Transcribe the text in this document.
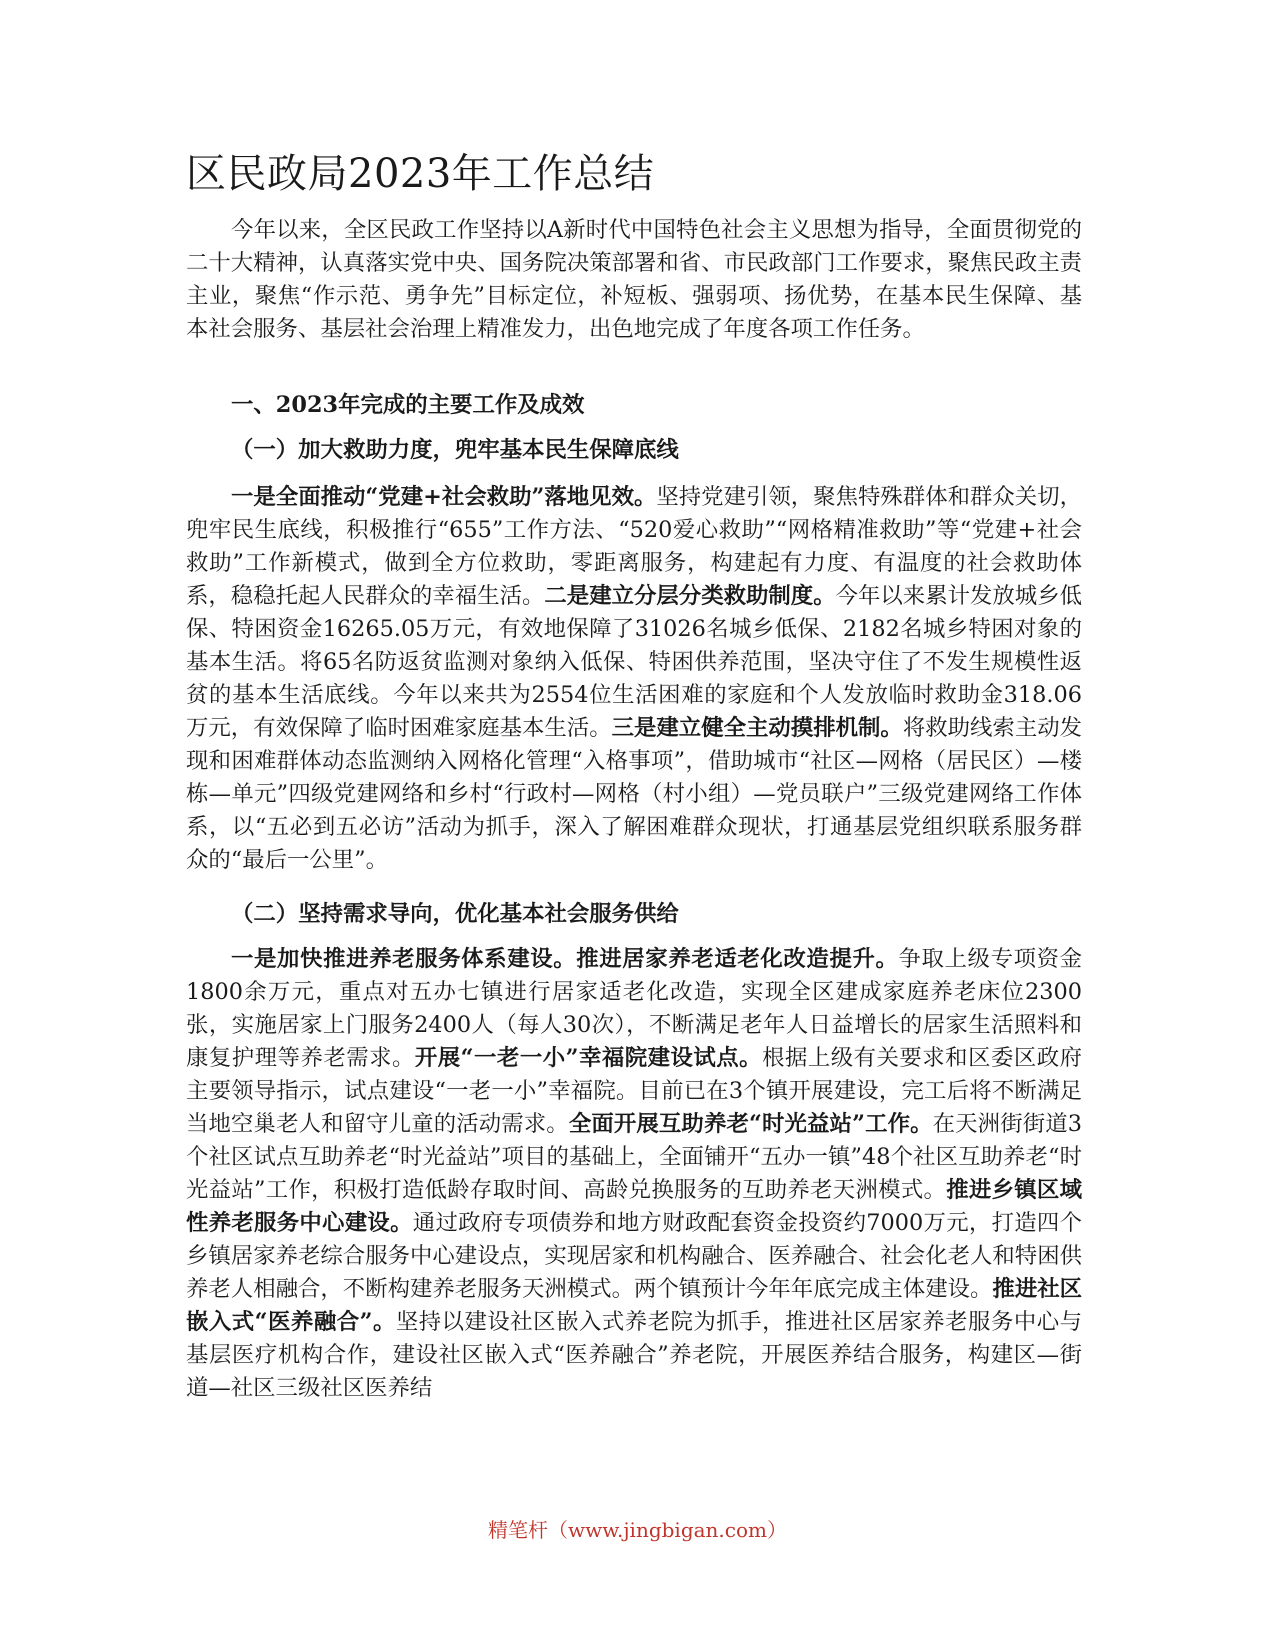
区民政局2023年工作总结

今年以来，全区民政工作坚持以A新时代中国特色社会主义思想为指导，全面贯彻党的二十大精神，认真落实党中央、国务院决策部署和省、市民政部门工作要求，聚焦民政主责主业，聚焦“作示范、勇争先”目标定位，补短板、强弱项、扬优势，在基本民生保障、基本社会服务、基层社会治理上精准发力，出色地完成了年度各项工作任务。

一、2023年完成的主要工作及成效

（一）加大救助力度，兜牢基本民生保障底线

一是全面推动“党建+社会救助”落地见效。坚持党建引领，聚焦特殊群体和群众关切，兜牢民生底线，积极推行“655”工作方法、“520爱心救助”“网格精准救助”等“党建+社会救助”工作新模式，做到全方位救助，零距离服务，构建起有力度、有温度的社会救助体系，稳稳托起人民群众的幸福生活。二是建立分层分类救助制度。今年以来累计发放城乡低保、特困资金16265.05万元，有效地保障了31026名城乡低保、2182名城乡特困对象的基本生活。将65名防返贫监测对象纳入低保、特困供养范围，坚决守住了不发生规模性返贫的基本生活底线。今年以来共为2554位生活困难的家庭和个人发放临时救助金318.06万元，有效保障了临时困难家庭基本生活。三是建立健全主动摸排机制。将救助线索主动发现和困难群体动态监测纳入网格化管理“入格事项”，借助城市“社区—网格（居民区）—楼栋—单元”四级党建网络和乡村“行政村—网格（村小组）—党员联户”三级党建网络工作体系，以“五必到五必访”活动为抓手，深入了解困难群众现状，打通基层党组织联系服务群众的“最后一公里”。

（二）坚持需求导向，优化基本社会服务供给

一是加快推进养老服务体系建设。推进居家养老适老化改造提升。争取上级专项资金1800余万元，重点对五办七镇进行居家适老化改造，实现全区建成家庭养老床位2300张，实施居家上门服务2400人（每人30次），不断满足老年人日益增长的居家生活照料和康复护理等养老需求。开展“一老一小”幸福院建设试点。根据上级有关要求和区委区政府主要领导指示，试点建设“一老一小”幸福院。目前已在3个镇开展建设，完工后将不断满足当地空巢老人和留守儿童的活动需求。全面开展互助养老“时光益站”工作。在天洲街街道3个社区试点互助养老“时光益站”项目的基础上，全面铺开“五办一镇”48个社区互助养老“时光益站”工作，积极打造低龄存取时间、高龄兑换服务的互助养老天洲模式。推进乡镇区域性养老服务中心建设。通过政府专项债券和地方财政配套资金投资约7000万元，打造四个乡镇居家养老综合服务中心建设点，实现居家和机构融合、医养融合、社会化老人和特困供养老人相融合，不断构建养老服务天洲模式。两个镇预计今年年底完成主体建设。推进社区嵌入式“医养融合”。坚持以建设社区嵌入式养老院为抓手，推进社区居家养老服务中心与基层医疗机构合作，建设社区嵌入式“医养融合”养老院，开展医养结合服务，构建区—街道—社区三级社区医养结

精笔杆（www.jingbigan.com）
